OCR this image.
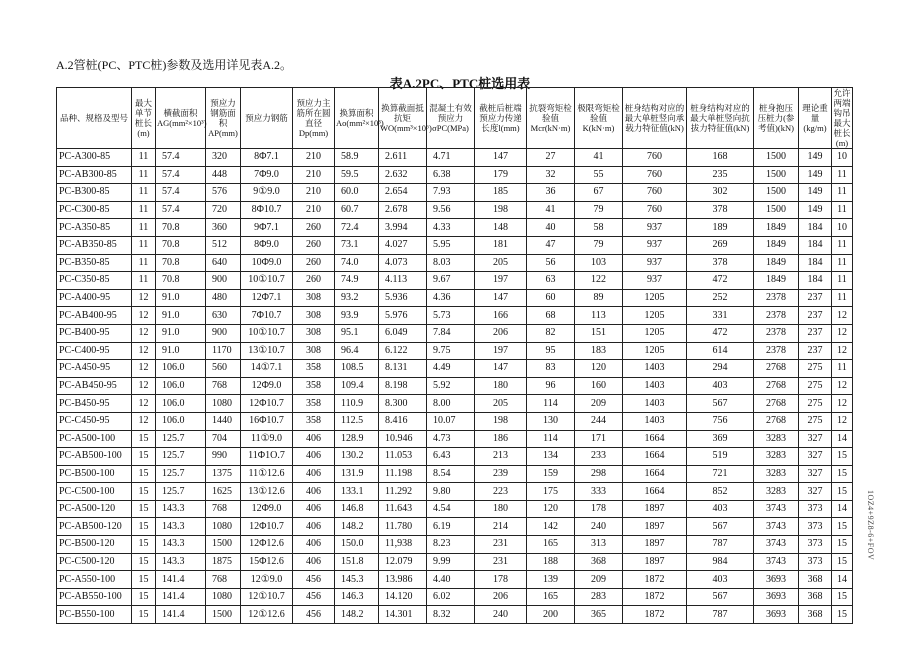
A.2管桩(PC、PTC桩)参数及选用详见表A.2。
表A.2PC、PTC桩选用表
品种、规格及型号	最大单节桩长(m)	横截面积AG(mm²×10³)	预应力钢筋面积AP(mm)	预应力钢筋	预应力主筋所在圆直径Dp(mm)	换算面积Ao(mm²×10³)	换算截面抵抗矩WO(mm³×10⁶)	混凝土有效预应力σPC(MPa)	截桩后桩端预应力传递长度l(mm)	抗裂弯矩检验值Mcr(kN·m)	极限弯矩检验值K(kN·m)	桩身结构对应的最大单桩竖向承载力特征值(kN)	桩身结构对应的最大单桩竖向抗拔力特征值(kN)	桩身抱压压桩力(参考值)(kN)	理论重量(kg/m)	允许两端钩吊最大桩长(m)
PC-A300-85	11	57.4	320	8Φ7.1	210	58.9	2.611	4.71	147	27	41	760	168	1500	149	10
PC-AB300-85	11	57.4	448	7Φ9.0	210	59.5	2.632	6.38	179	32	55	760	235	1500	149	11
PC-B300-85	11	57.4	576	9①9.0	210	60.0	2.654	7.93	185	36	67	760	302	1500	149	11
PC-C300-85	11	57.4	720	8Φ10.7	210	60.7	2.678	9.56	198	41	79	760	378	1500	149	11
PC-A350-85	11	70.8	360	9Φ7.1	260	72.4	3.994	4.33	148	40	58	937	189	1849	184	10
PC-AB350-85	11	70.8	512	8Φ9.0	260	73.1	4.027	5.95	181	47	79	937	269	1849	184	11
PC-B350-85	11	70.8	640	10Φ9.0	260	74.0	4.073	8.03	205	56	103	937	378	1849	184	11
PC-C350-85	11	70.8	900	10①10.7	260	74.9	4.113	9.67	197	63	122	937	472	1849	184	11
PC-A400-95	12	91.0	480	12Φ7.1	308	93.2	5.936	4.36	147	60	89	1205	252	2378	237	11
PC-AB400-95	12	91.0	630	7Φ10.7	308	93.9	5.976	5.73	166	68	113	1205	331	2378	237	12
PC-B400-95	12	91.0	900	10①10.7	308	95.1	6.049	7.84	206	82	151	1205	472	2378	237	12
PC-C400-95	12	91.0	1170	13①10.7	308	96.4	6.122	9.75	197	95	183	1205	614	2378	237	12
PC-A450-95	12	106.0	560	14①7.1	358	108.5	8.131	4.49	147	83	120	1403	294	2768	275	11
PC-AB450-95	12	106.0	768	12Φ9.0	358	109.4	8.198	5.92	180	96	160	1403	403	2768	275	12
PC-B450-95	12	106.0	1080	12Φ10.7	358	110.9	8.300	8.00	205	114	209	1403	567	2768	275	12
PC-C450-95	12	106.0	1440	16Φ10.7	358	112.5	8.416	10.07	198	130	244	1403	756	2768	275	12
PC-A500-100	15	125.7	704	11①9.0	406	128.9	10.946	4.73	186	114	171	1664	369	3283	327	14
PC-AB500-100	15	125.7	990	11Φ1O.7	406	130.2	11.053	6.43	213	134	233	1664	519	3283	327	15
PC-B500-100	15	125.7	1375	11①12.6	406	131.9	11.198	8.54	239	159	298	1664	721	3283	327	15
PC-C500-100	15	125.7	1625	13①12.6	406	133.1	11.292	9.80	223	175	333	1664	852	3283	327	15
PC-A500-120	15	143.3	768	12Φ9.0	406	146.8	11.643	4.54	180	120	178	1897	403	3743	373	14
PC-AB500-120	15	143.3	1080	12Φ10.7	406	148.2	11.780	6.19	214	142	240	1897	567	3743	373	15
PC-B500-120	15	143.3	1500	12Φ12.6	406	150.0	11,938	8.23	231	165	313	1897	787	3743	373	15
PC-C500-120	15	143.3	1875	15Φ12.6	406	151.8	12.079	9.99	231	188	368	1897	984	3743	373	15
PC-A550-100	15	141.4	768	12①9.0	456	145.3	13.986	4.40	178	139	209	1872	403	3693	368	14
PC-AB550-100	15	141.4	1080	12①10.7	456	146.3	14.120	6.02	206	165	283	1872	567	3693	368	15
PC-B550-100	15	141.4	1500	12①12.6	456	148.2	14.301	8.32	240	200	365	1872	787	3693	368	15
1OZ4+9Z8-6+FOV
